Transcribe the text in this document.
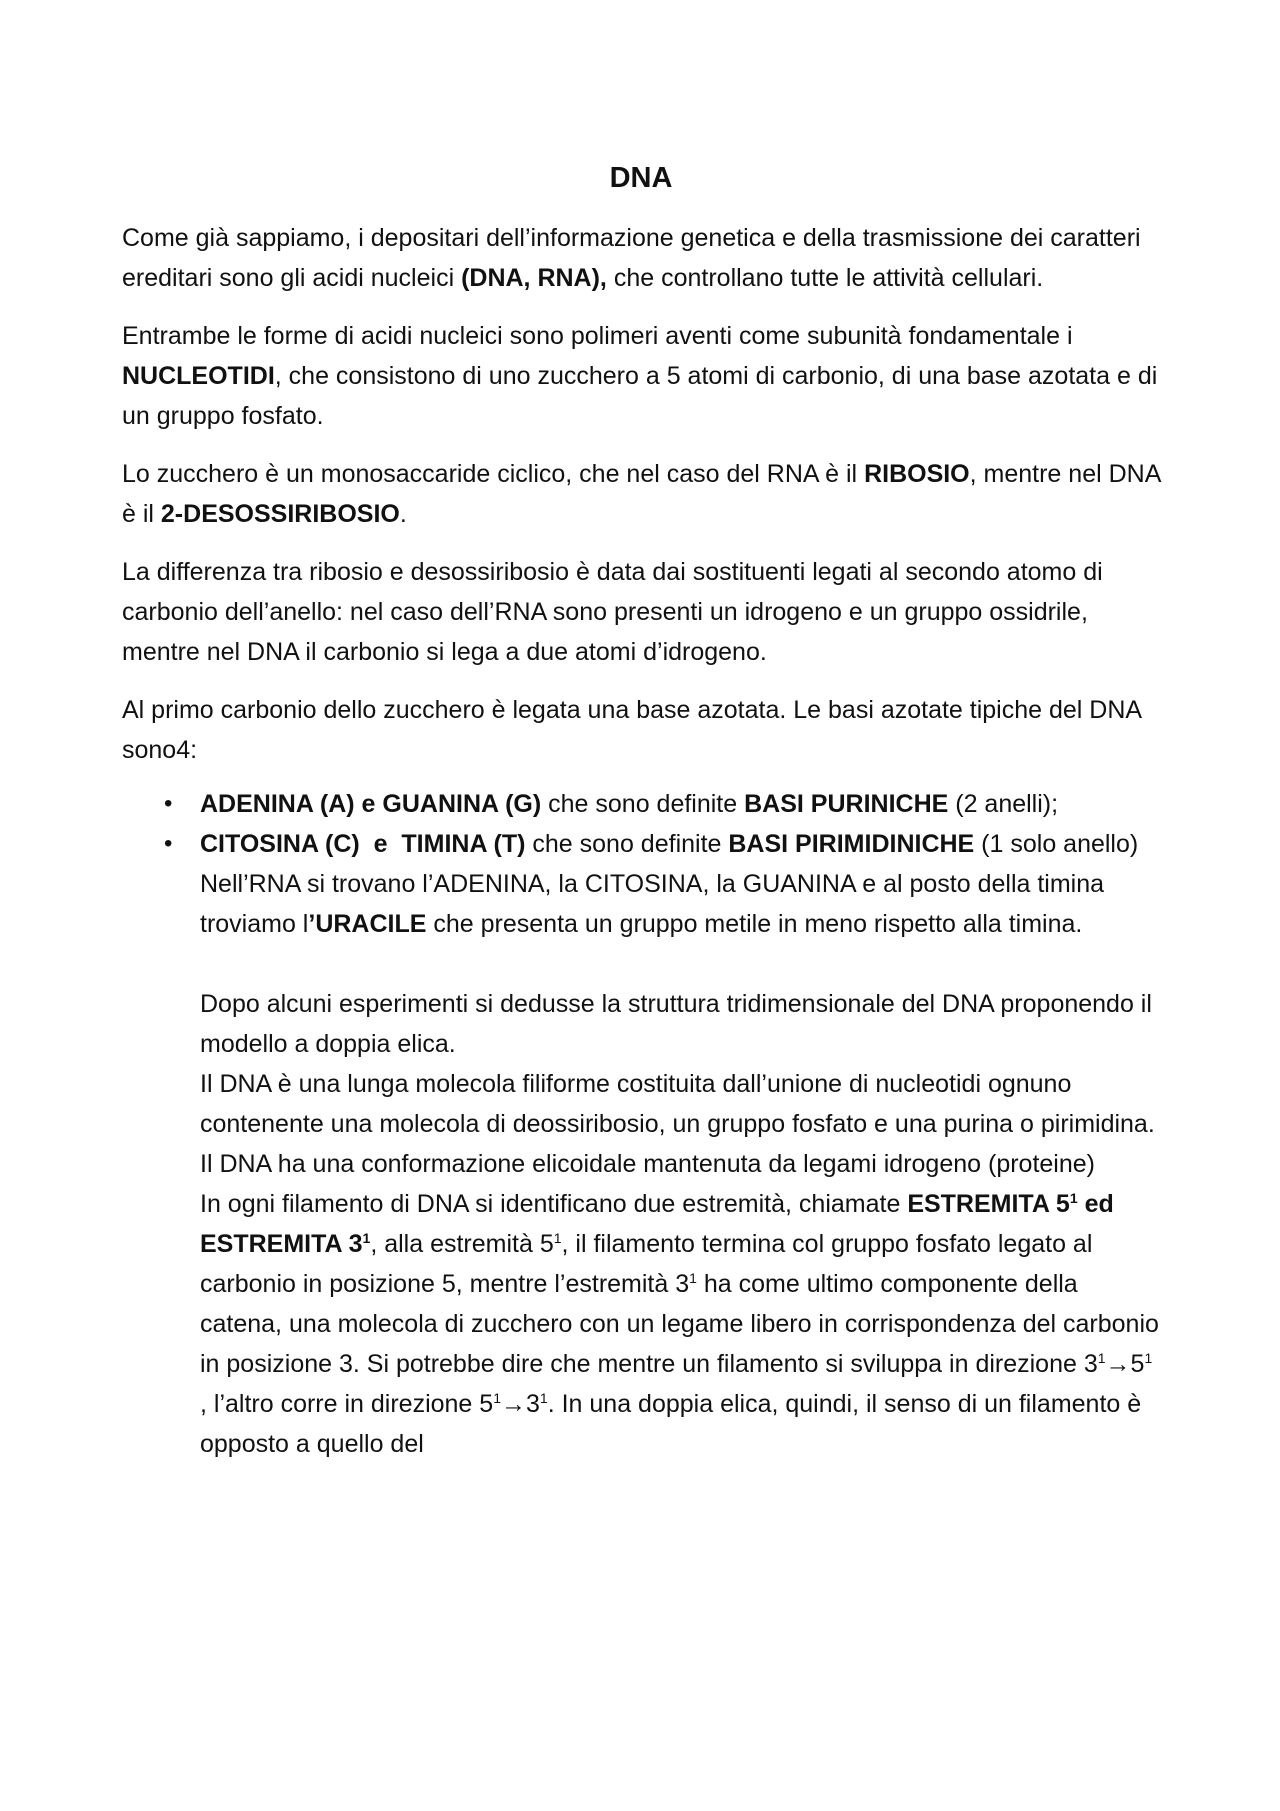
DNA

Come già sappiamo, i depositari dell’informazione genetica e della trasmissione dei caratteri ereditari sono gli acidi nucleici (DNA, RNA), che controllano tutte le attività cellulari.

Entrambe le forme di acidi nucleici sono polimeri aventi come subunità fondamentale i NUCLEOTIDI, che consistono di uno zucchero a 5 atomi di carbonio, di una base azotata e di un gruppo fosfato.

Lo zucchero è un monosaccaride ciclico, che nel caso del RNA è il RIBOSIO, mentre nel DNA è il 2-DESOSSIRIBOSIO.

La differenza tra ribosio e desossiribosio è data dai sostituenti legati al secondo atomo di carbonio dell’anello: nel caso dell’RNA sono presenti un idrogeno e un gruppo ossidrile, mentre nel DNA il carbonio si lega a due atomi d’idrogeno.

Al primo carbonio dello zucchero è legata una base azotata. Le basi azotate tipiche del DNA sono4:

• ADENINA (A) e GUANINA (G) che sono definite BASI PURINICHE (2 anelli);
• CITOSINA (C)  e  TIMINA (T) che sono definite BASI PIRIMIDINICHE (1 solo anello)
Nell’RNA si trovano l’ADENINA, la CITOSINA, la GUANINA e al posto della timina troviamo l’URACILE che presenta un gruppo metile in meno rispetto alla timina.
Dopo alcuni esperimenti si dedusse la struttura tridimensionale del DNA proponendo il modello a doppia elica.
Il DNA è una lunga molecola filiforme costituita dall’unione di nucleotidi ognuno contenente una molecola di deossiribosio, un gruppo fosfato e una purina o pirimidina.
Il DNA ha una conformazione elicoidale mantenuta da legami idrogeno (proteine)
In ogni filamento di DNA si identificano due estremità, chiamate ESTREMITA $5^1$ ed ESTREMITA $3^1$, alla estremità $5^1$, il filamento termina col gruppo fosfato legato al carbonio in posizione 5, mentre l’estremità $3^1$ ha come ultimo componente della catena, una molecola di zucchero con un legame libero in corrispondenza del carbonio in posizione 3. Si potrebbe dire che mentre un filamento si sviluppa in direzione $3^1\to 5^1$ , l’altro corre in direzione $5^1\to 3^1$. In una doppia elica, quindi, il senso di un filamento è opposto a quello del
